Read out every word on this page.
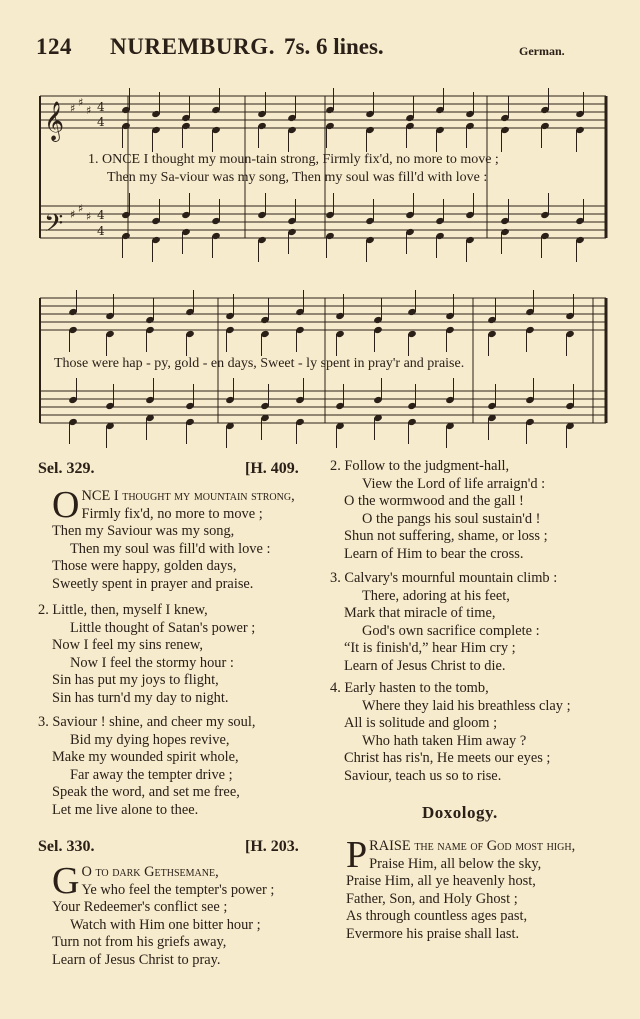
124 NUREMBURG. 7s. 6 lines.	German.
𝄞
𝄢
♯ ♯
♯
♯ ♯
♯
4
4
4
4
1. ONCE I thought my moun-tain strong, Firmly fix'd, no more to move ;
Then my Sa-viour was my song, Then my soul was fill'd with love :
Those were hap - py, gold - en days, Sweet - ly spent in pray'r and praise.
Sel. 329.	[H. 409.
O NCE I thought my mountain strong,
Firmly fix'd, no more to move ;
Then my Saviour was my song,
Then my soul was fill'd with love :
Those were happy, golden days,
Sweetly spent in prayer and praise.
2. Little, then, myself I knew,
Little thought of Satan's power ;
Now I feel my sins renew,
Now I feel the stormy hour :
Sin has put my joys to flight,
Sin has turn'd my day to night.
3. Saviour ! shine, and cheer my soul,
Bid my dying hopes revive,
Make my wounded spirit whole,
Far away the tempter drive ;
Speak the word, and set me free,
Let me live alone to thee.
Sel. 330.	[H. 203.
G O to dark Gethsemane,
Ye who feel the tempter's power ;
Your Redeemer's conflict see ;
Watch with Him one bitter hour ;
Turn not from his griefs away,
Learn of Jesus Christ to pray.
2. Follow to the judgment-hall,
View the Lord of life arraign'd :
O the wormwood and the gall !
O the pangs his soul sustain'd !
Shun not suffering, shame, or loss ;
Learn of Him to bear the cross.
3. Calvary's mournful mountain climb :
There, adoring at his feet,
Mark that miracle of time,
God's own sacrifice complete :
“It is finish'd,” hear Him cry ;
Learn of Jesus Christ to die.
4. Early hasten to the tomb,
Where they laid his breathless clay ;
All is solitude and gloom ;
Who hath taken Him away ?
Christ has ris'n, He meets our eyes ;
Saviour, teach us so to rise.
Doxology.
P RAISE the name of God most high,
Praise Him, all below the sky,
Praise Him, all ye heavenly host,
Father, Son, and Holy Ghost ;
As through countless ages past,
Evermore his praise shall last.
